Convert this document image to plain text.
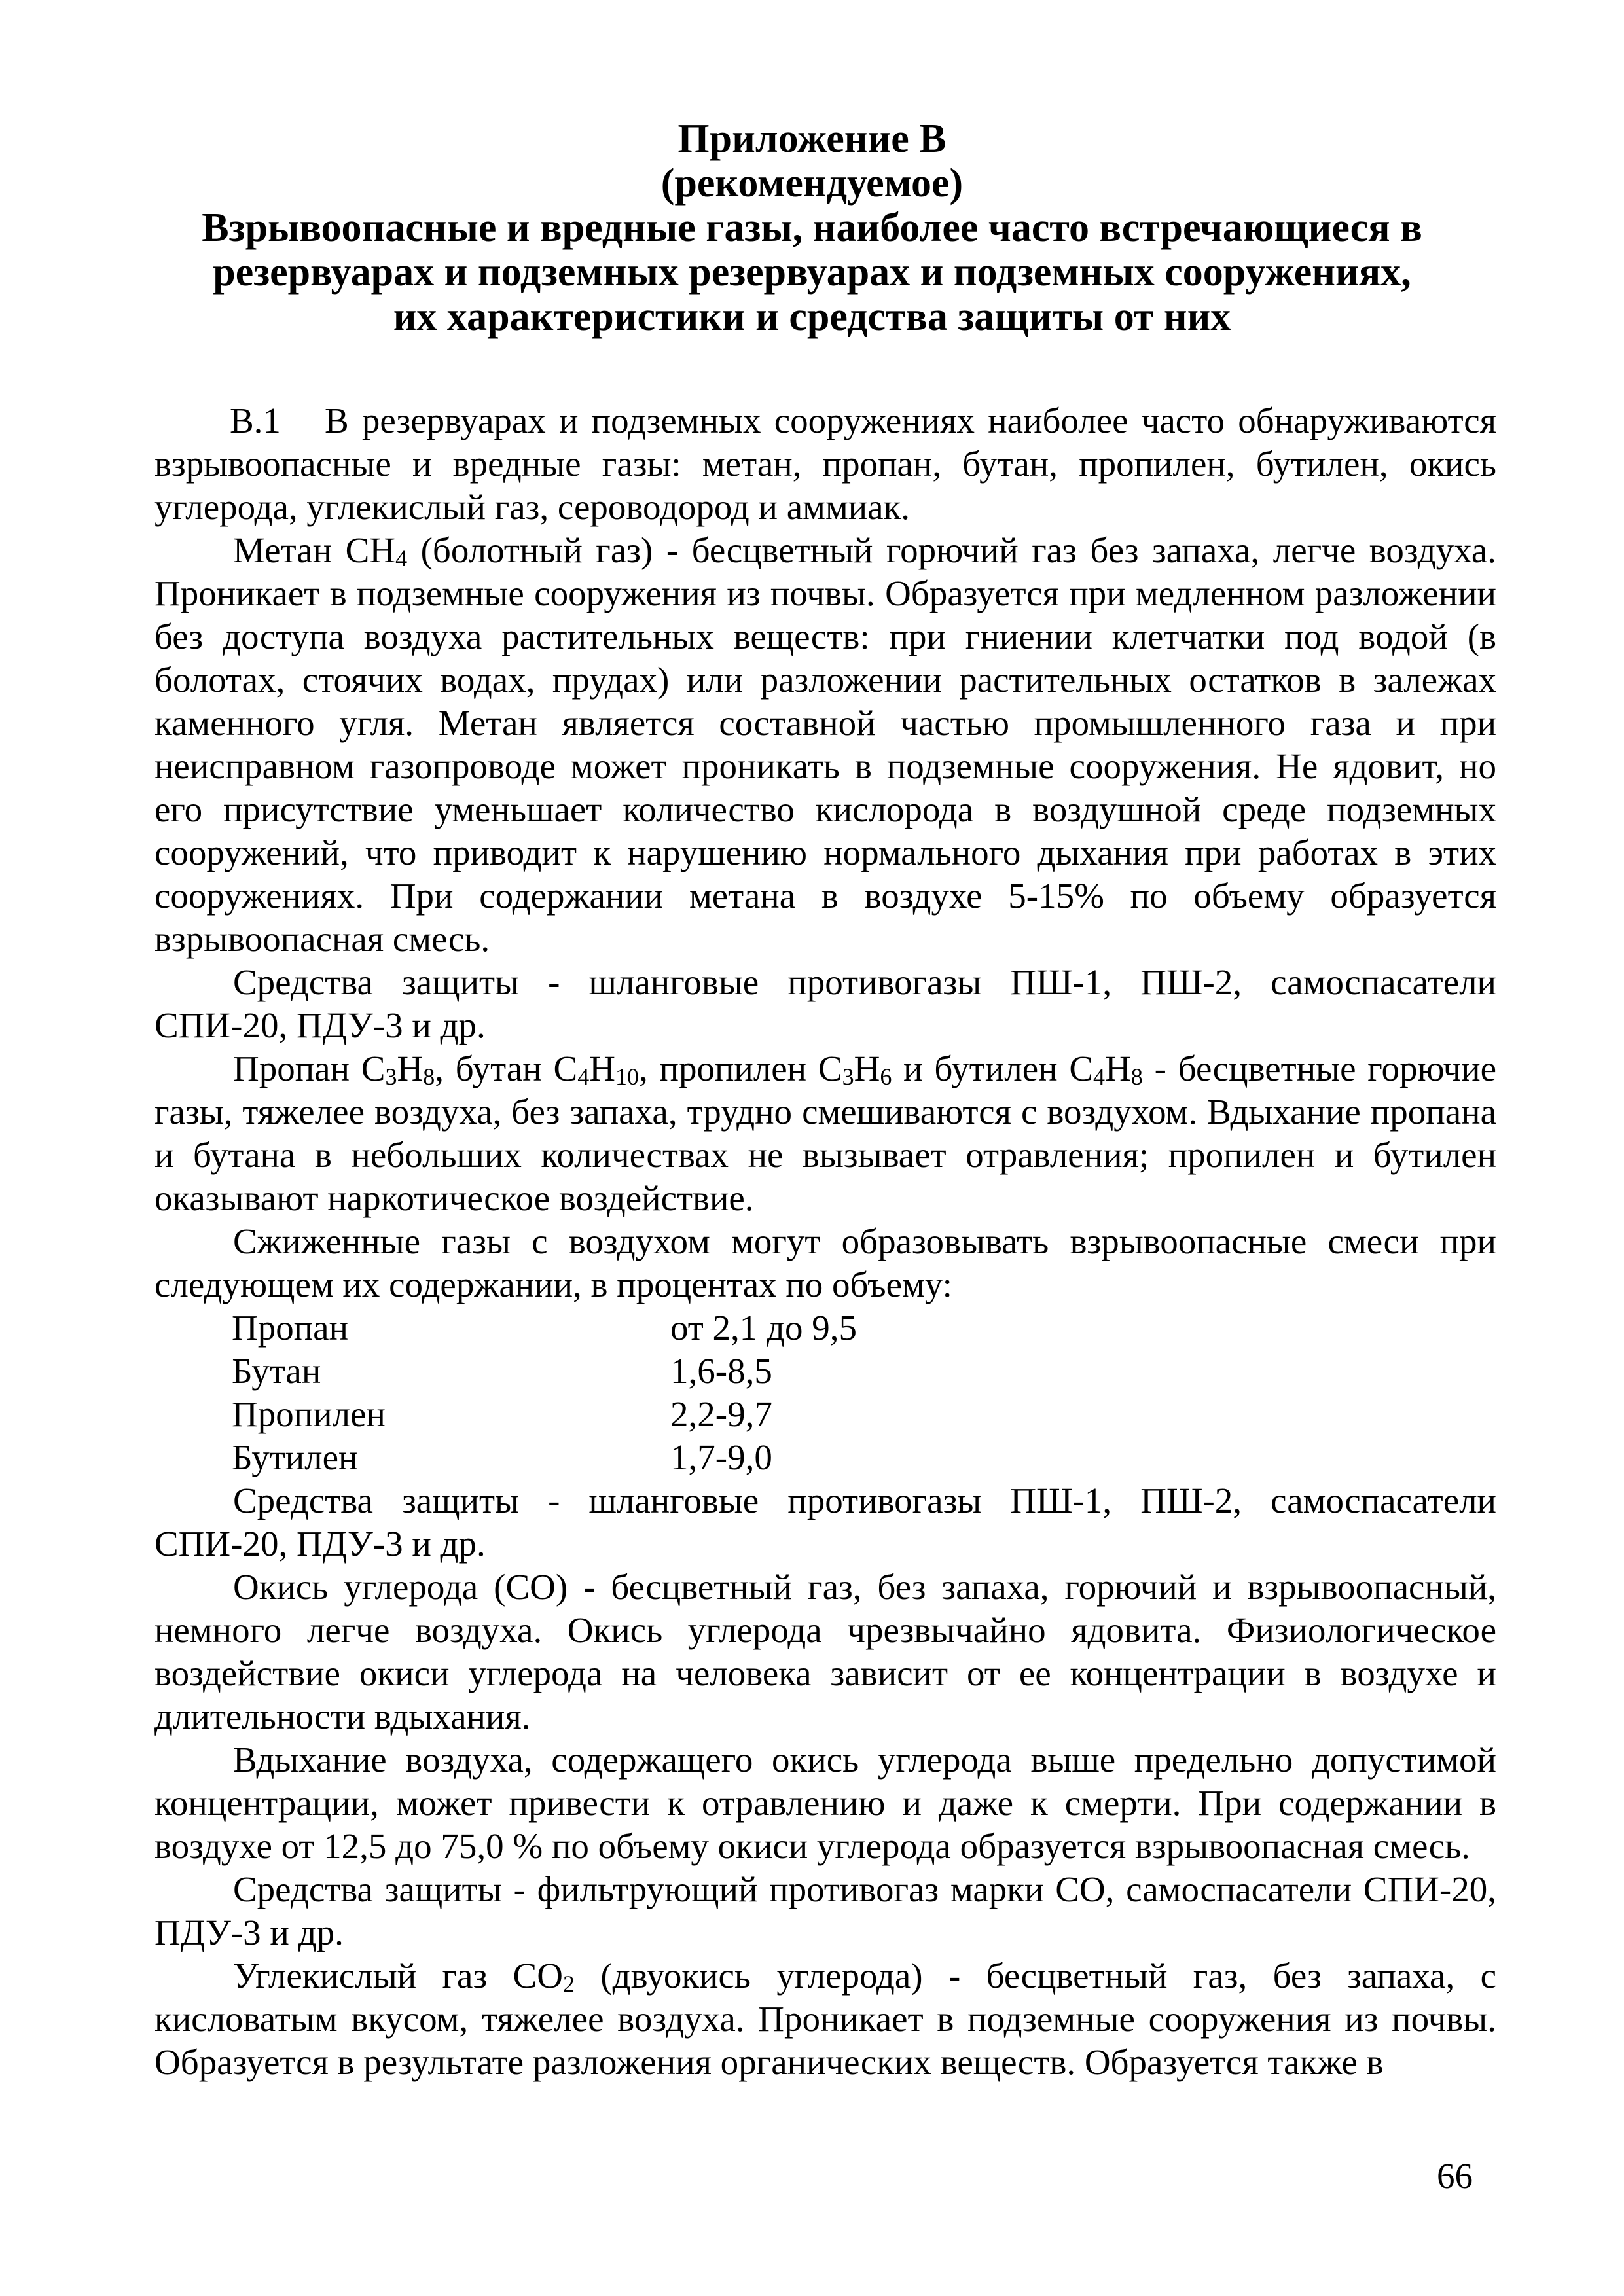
Приложение В
(рекомендуемое)
Взрывоопасные и вредные газы, наиболее часто встречающиеся в
резервуарах и подземных резервуарах и подземных сооружениях,
их характеристики и средства защиты от них

В.1 В резервуарах и подземных сооружениях наиболее часто обнаруживаются взрывоопасные и вредные газы: метан, пропан, бутан, пропилен, бутилен, окись углерода, углекислый газ, сероводород и аммиак.

Метан $СН_4$ (болотный газ) - бесцветный горючий газ без запаха, легче воздуха. Проникает в подземные сооружения из почвы. Образуется при медленном разложении без доступа воздуха растительных веществ: при гниении клетчатки под водой (в болотах, стоячих водах, прудах) или разложении растительных остатков в залежах каменного угля. Метан является составной частью промышленного газа и при неисправном газопроводе может проникать в подземные сооружения. Не ядовит, но его присутствие уменьшает количество кислорода в воздушной среде подземных сооружений, что приводит к нарушению нормального дыхания при работах в этих сооружениях. При содержании метана в воздухе 5-15% по объему образуется взрывоопасная смесь.

Средства защиты - шланговые противогазы ПШ-1, ПШ-2, самоспасатели СПИ-20, ПДУ-3 и др.

Пропан $С_3Н_8$, бутан $С_4Н_{10}$, пропилен $С_3Н_6$ и бутилен $С_4Н_8$ - бесцветные горючие газы, тяжелее воздуха, без запаха, трудно смешиваются с воздухом. Вдыхание пропана и бутана в небольших количествах не вызывает отравления; пропилен и бутилен оказывают наркотическое воздействие.

Сжиженные газы с воздухом могут образовывать взрывоопасные смеси при следующем их содержании, в процентах по объему:

Пропан	от 2,1 до 9,5
Бутан	1,6-8,5
Пропилен	2,2-9,7
Бутилен	1,7-9,0

Средства защиты - шланговые противогазы ПШ-1, ПШ-2, самоспасатели СПИ-20, ПДУ-3 и др.

Окись углерода (СО) - бесцветный газ, без запаха, горючий и взрывоопасный, немного легче воздуха. Окись углерода чрезвычайно ядовита. Физиологическое воздействие окиси углерода на человека зависит от ее концентрации в воздухе и длительности вдыхания.

Вдыхание воздуха, содержащего окись углерода выше предельно допустимой концентрации, может привести к отравлению и даже к смерти. При содержании в воздухе от 12,5 до 75,0 % по объему окиси углерода образуется взрывоопасная смесь.

Средства защиты - фильтрующий противогаз марки СО, самоспасатели СПИ-20, ПДУ-3 и др.

Углекислый газ $СО_2$ (двуокись углерода) - бесцветный газ, без запаха, с кисловатым вкусом, тяжелее воздуха. Проникает в подземные сооружения из почвы. Образуется в результате разложения органических веществ. Образуется также в

66
